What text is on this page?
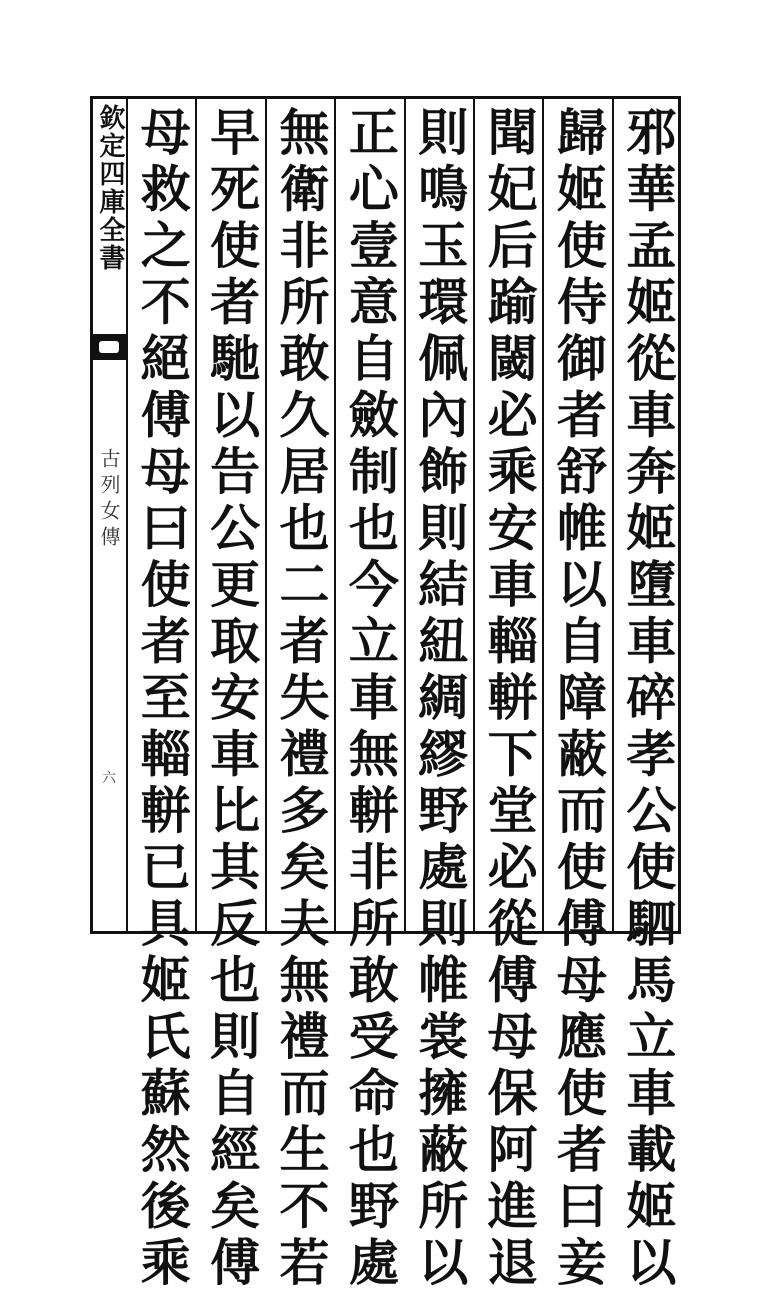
欽定四庫全書
古列女傳
六	邪華孟姬從車奔姬墮車碎孝公使駟馬立車載姬以
歸姬使侍御者舒帷以自障蔽而使傅母應使者曰妾
聞妃后踰閾必乘安車輜軿下堂必從傅母保阿進退
則鳴玉環佩內飾則結紐綢繆野處則帷裳擁蔽所以
正心壹意自斂制也今立車無軿非所敢受命也野處
無衛非所敢久居也二者失禮多矣夫無禮而生不若
早死使者馳以告公更取安車比其反也則自經矣傅
母救之不絕傅母曰使者至輜軿已具姬氏蘇然後乘
